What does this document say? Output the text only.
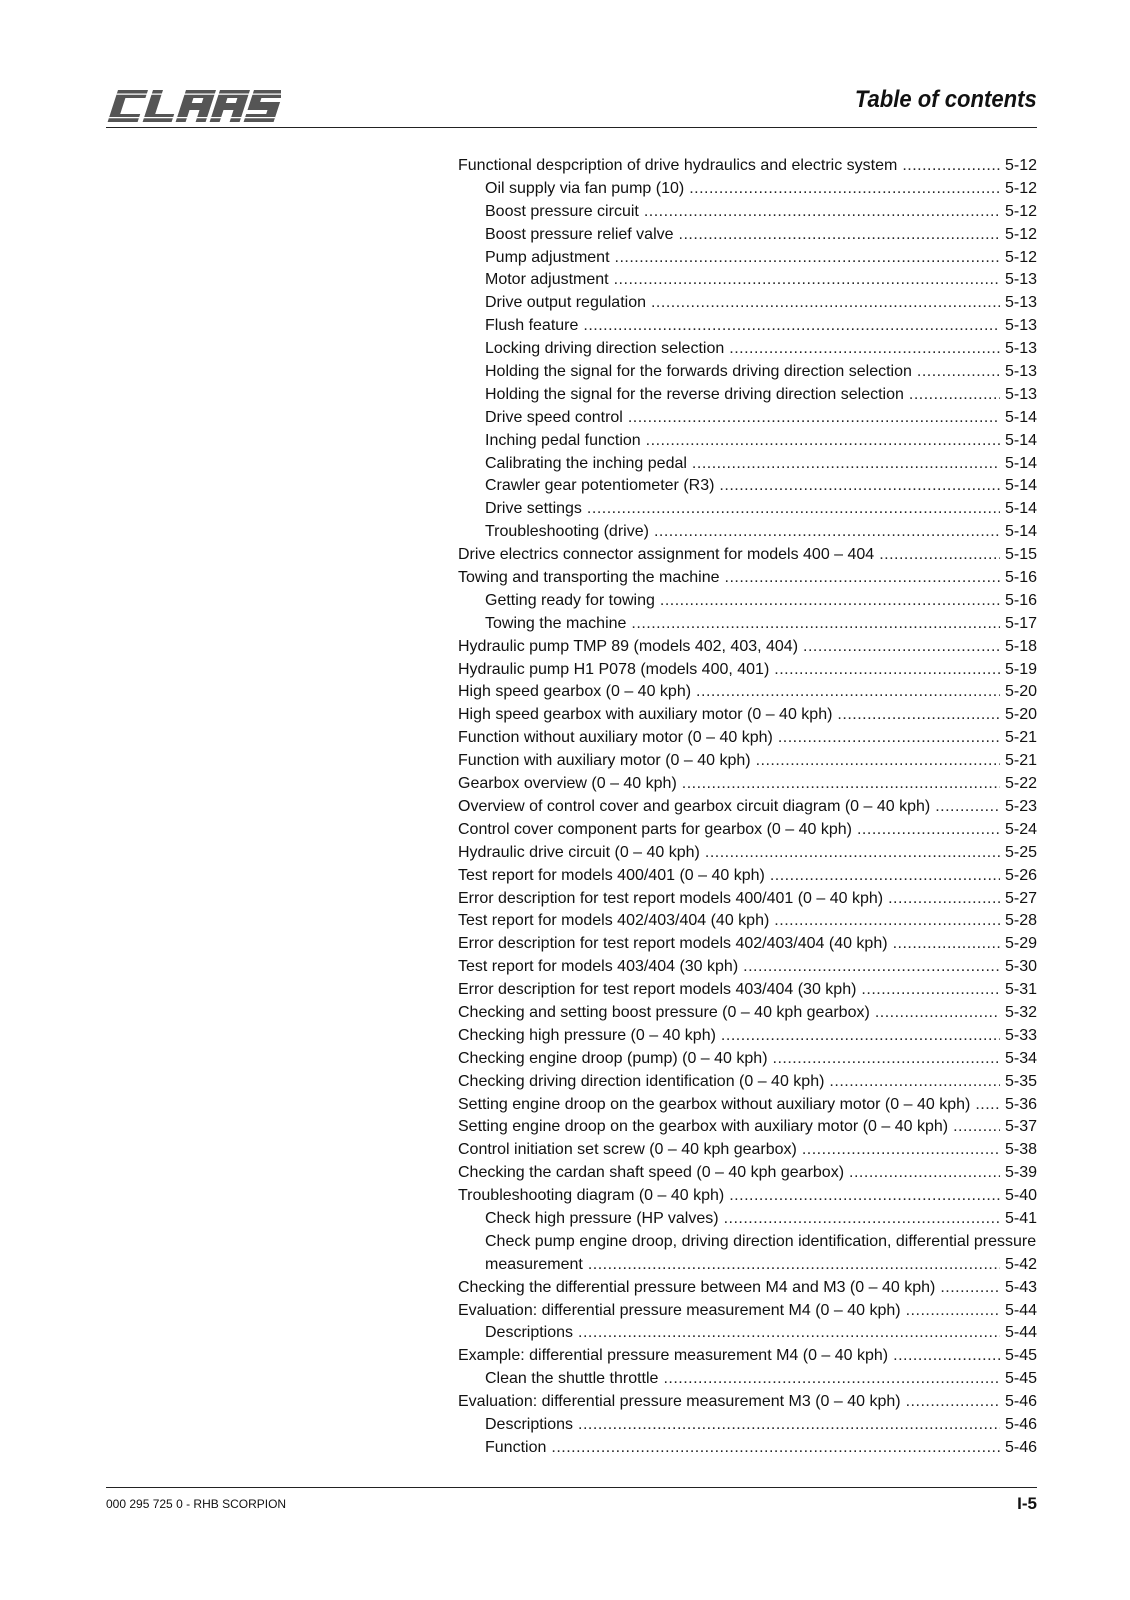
Table of contents
Functional despcription of drive hydraulics and electric system .....	5-12
Oil supply via fan pump (10) .....	5-12
Boost pressure circuit .....	5-12
Boost pressure relief valve .....	5-12
Pump adjustment .....	5-12
Motor adjustment .....	5-13
Drive output regulation .....	5-13
Flush feature .....	5-13
Locking driving direction selection .....	5-13
Holding the signal for the forwards driving direction selection .....	5-13
Holding the signal for the reverse driving direction selection .....	5-13
Drive speed control .....	5-14
Inching pedal function .....	5-14
Calibrating the inching pedal .....	5-14
Crawler gear potentiometer (R3) .....	5-14
Drive settings .....	5-14
Troubleshooting (drive) .....	5-14
Drive electrics connector assignment for models 400 – 404 .....	5-15
Towing and transporting the machine .....	5-16
Getting ready for towing .....	5-16
Towing the machine .....	5-17
Hydraulic pump TMP 89 (models 402, 403, 404) .....	5-18
Hydraulic pump H1 P078 (models 400, 401) .....	5-19
High speed gearbox (0 – 40 kph) .....	5-20
High speed gearbox with auxiliary motor (0 – 40 kph) .....	5-20
Function without auxiliary motor (0 – 40 kph) .....	5-21
Function with auxiliary motor (0 – 40 kph) .....	5-21
Gearbox overview (0 – 40 kph) .....	5-22
Overview of control cover and gearbox circuit diagram (0 – 40 kph) .....	5-23
Control cover component parts for gearbox (0 – 40 kph) .....	5-24
Hydraulic drive circuit (0 – 40 kph) .....	5-25
Test report for models 400/401 (0 – 40 kph) .....	5-26
Error description for test report models 400/401 (0 – 40 kph) .....	5-27
Test report for models 402/403/404 (40 kph) .....	5-28
Error description for test report models 402/403/404 (40 kph) .....	5-29
Test report for models 403/404 (30 kph) .....	5-30
Error description for test report models 403/404 (30 kph) .....	5-31
Checking and setting boost pressure (0 – 40 kph gearbox) .....	5-32
Checking high pressure (0 – 40 kph) .....	5-33
Checking engine droop (pump) (0 – 40 kph) .....	5-34
Checking driving direction identification (0 – 40 kph) .....	5-35
Setting engine droop on the gearbox without auxiliary motor (0 – 40 kph) ..... 5-36
Setting engine droop on the gearbox with auxiliary motor (0 – 40 kph) .....	5-37
Control initiation set screw (0 – 40 kph gearbox) .....	5-38
Checking the cardan shaft speed (0 – 40 kph gearbox) .....	5-39
Troubleshooting diagram (0 – 40 kph) .....	5-40
Check high pressure (HP valves) .....	5-41
Check pump engine droop, driving direction identification, differential pressure
measurement .....	5-42
Checking the differential pressure between M4 and M3 (0 – 40 kph) .....	5-43
Evaluation: differential pressure measurement M4 (0 – 40 kph) .....	5-44
Descriptions .....	5-44
Example: differential pressure measurement M4 (0 – 40 kph) .....	5-45
Clean the shuttle throttle .....	5-45
Evaluation: differential pressure measurement M3 (0 – 40 kph) .....	5-46
Descriptions .....	5-46
Function .....	5-46
000 295 725 0 - RHB SCORPION	I-5
